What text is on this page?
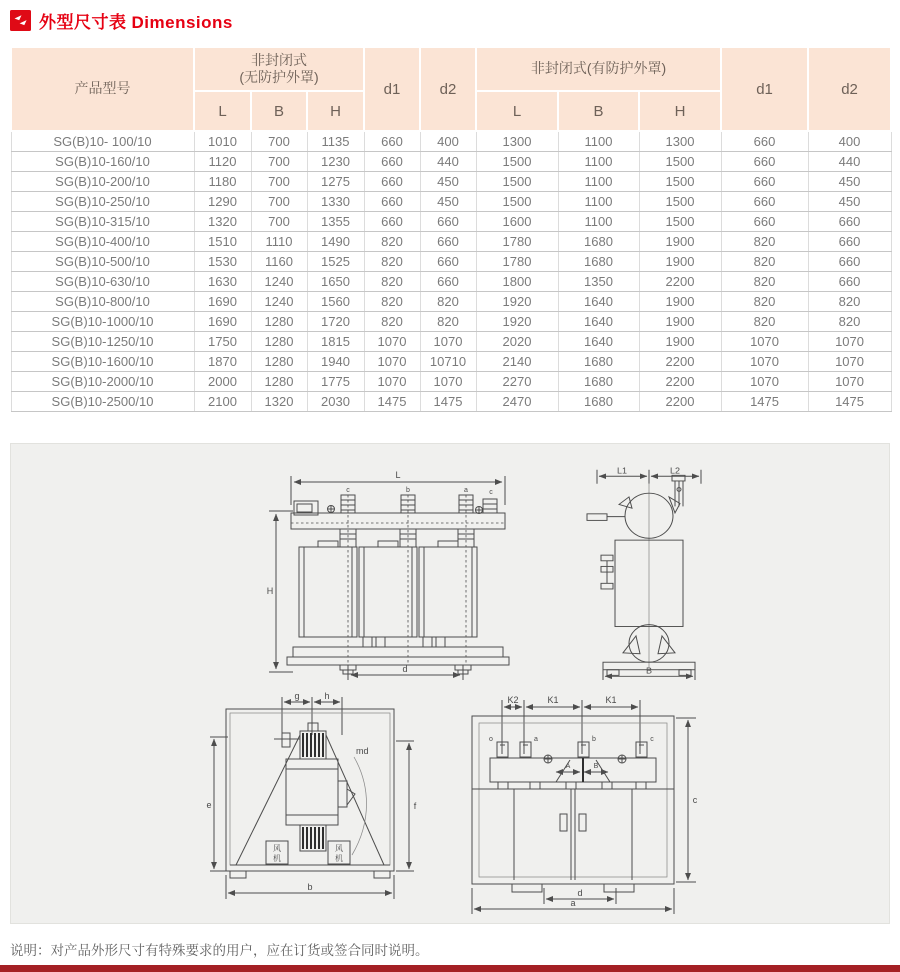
外型尺寸表 Dimensions
产品型号	非封闭式
(无防护外罩)			d1	d2	非封闭式(有防护外罩)			d1	d2
	L	B	H			L	B	H		
SG(B)10- 100/10	1010	700	1135	660	400	1300	1100	1300	660	400
SG(B)10-160/10	1120	700	1230	660	440	1500	1100	1500	660	440
SG(B)10-200/10	1180	700	1275	660	450	1500	1100	1500	660	450
SG(B)10-250/10	1290	700	1330	660	450	1500	1100	1500	660	450
SG(B)10-315/10	1320	700	1355	660	660	1600	1100	1500	660	660
SG(B)10-400/10	1510	1110	1490	820	660	1780	1680	1900	820	660
SG(B)10-500/10	1530	1160	1525	820	660	1780	1680	1900	820	660
SG(B)10-630/10	1630	1240	1650	820	660	1800	1350	2200	820	660
SG(B)10-800/10	1690	1240	1560	820	820	1920	1640	1900	820	820
SG(B)10-1000/10	1690	1280	1720	820	820	1920	1640	1900	820	820
SG(B)10-1250/10	1750	1280	1815	1070	1070	2020	1640	1900	1070	1070
SG(B)10-1600/10	1870	1280	1940	1070	10710	2140	1680	2200	1070	1070
SG(B)10-2000/10	2000	1280	1775	1070	1070	2270	1680	2200	1070	1070
SG(B)10-2500/10	2100	1320	2030	1475	1475	2470	1680	2200	1475	1475
L
H
d
c	b	a	c
L1	L2
B
g	h
e	f
b
md
风机
风机
K2	K1	K1
c
d
a
A	B
o	a	b	c
说明：对产品外形尺寸有特殊要求的用户，应在订货或签合同时说明。
